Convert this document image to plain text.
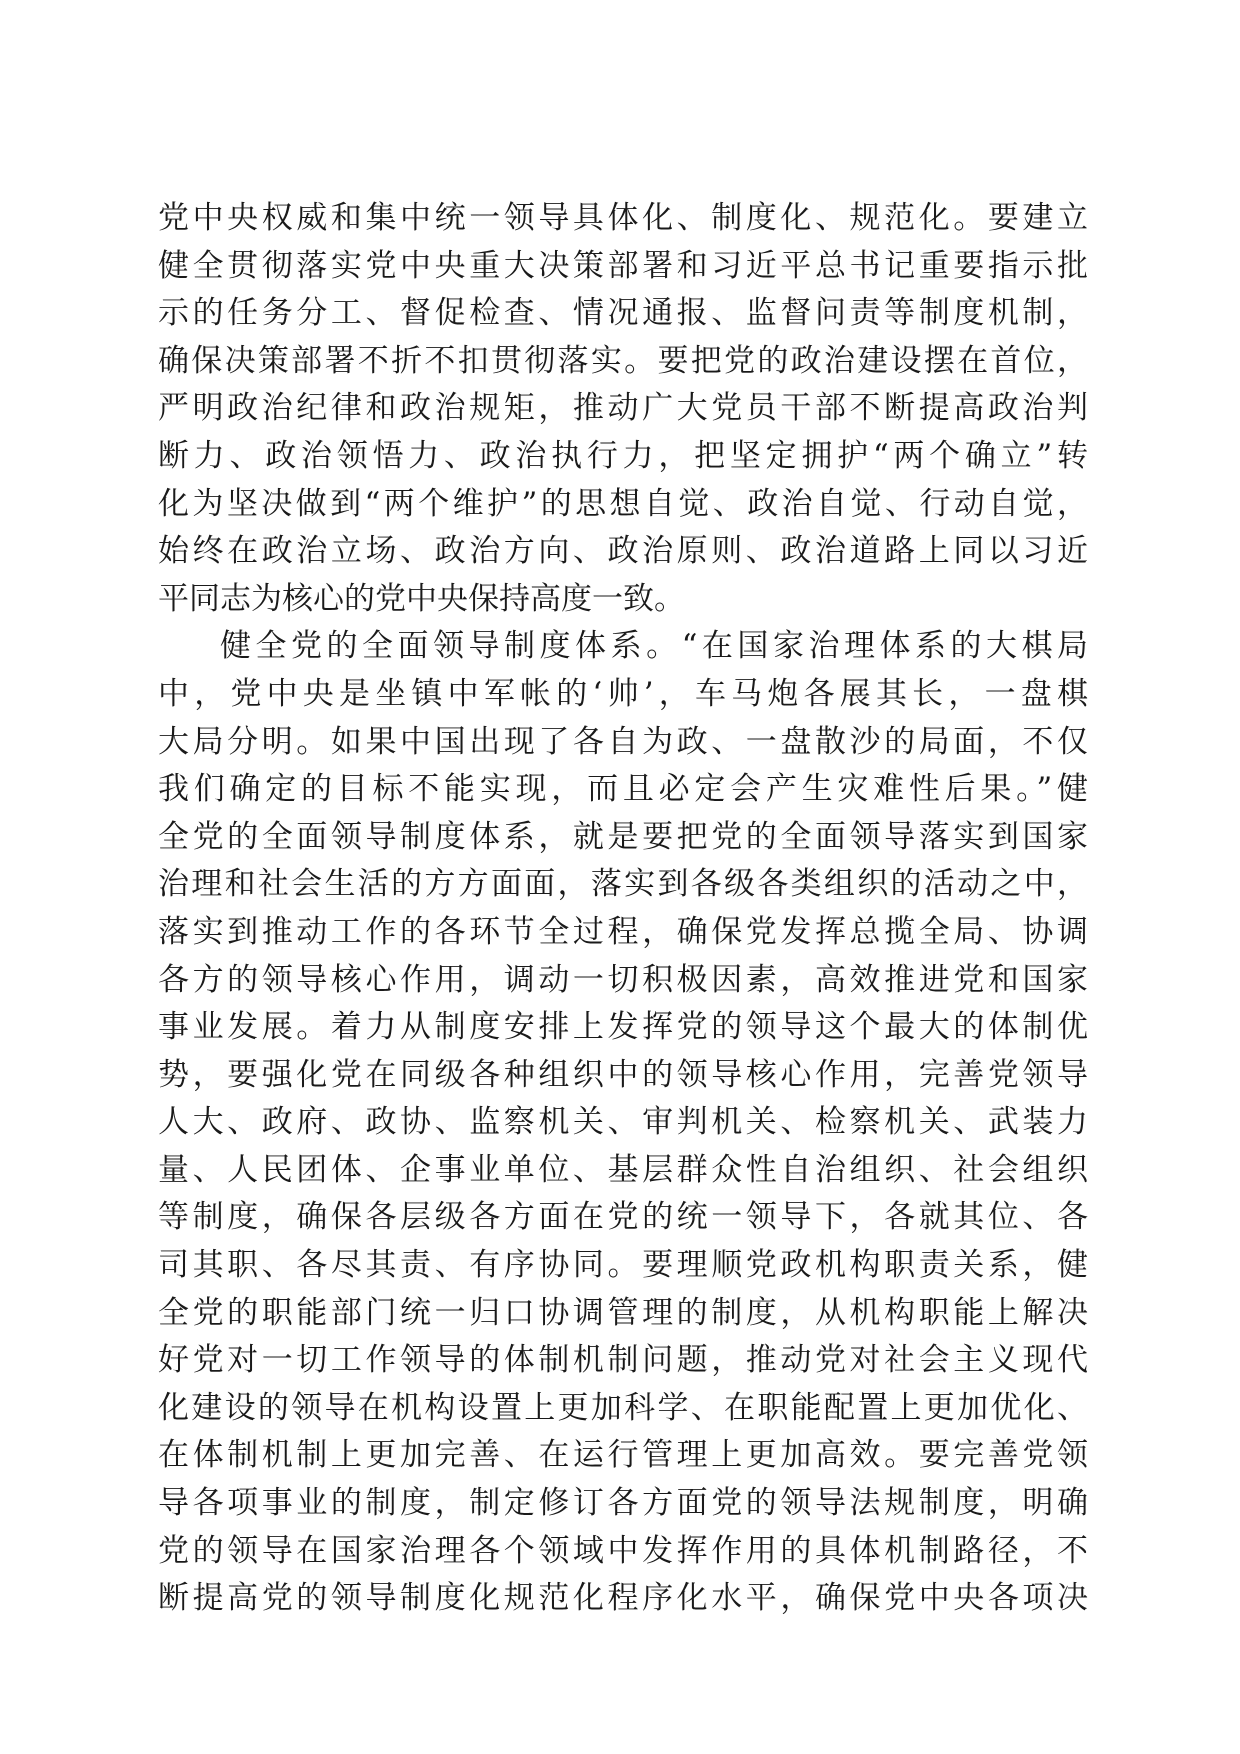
党中央权威和集中统一领导具体化、制度化、规范化。要建立
健全贯彻落实党中央重大决策部署和习近平总书记重要指示批
示的任务分工、督促检查、情况通报、监督问责等制度机制，
确保决策部署不折不扣贯彻落实。要把党的政治建设摆在首位，
严明政治纪律和政治规矩，推动广大党员干部不断提高政治判
断力、政治领悟力、政治执行力，把坚定拥护“两个确立”转
化为坚决做到“两个维护”的思想自觉、政治自觉、行动自觉，
始终在政治立场、政治方向、政治原则、政治道路上同以习近
平同志为核心的党中央保持高度一致。
健全党的全面领导制度体系。“在国家治理体系的大棋局
中，党中央是坐镇中军帐的‘帅’，车马炮各展其长，一盘棋
大局分明。如果中国出现了各自为政、一盘散沙的局面，不仅
我们确定的目标不能实现，而且必定会产生灾难性后果。”健
全党的全面领导制度体系，就是要把党的全面领导落实到国家
治理和社会生活的方方面面，落实到各级各类组织的活动之中，
落实到推动工作的各环节全过程，确保党发挥总揽全局、协调
各方的领导核心作用，调动一切积极因素，高效推进党和国家
事业发展。着力从制度安排上发挥党的领导这个最大的体制优
势，要强化党在同级各种组织中的领导核心作用，完善党领导
人大、政府、政协、监察机关、审判机关、检察机关、武装力
量、人民团体、企事业单位、基层群众性自治组织、社会组织
等制度，确保各层级各方面在党的统一领导下，各就其位、各
司其职、各尽其责、有序协同。要理顺党政机构职责关系，健
全党的职能部门统一归口协调管理的制度，从机构职能上解决
好党对一切工作领导的体制机制问题，推动党对社会主义现代
化建设的领导在机构设置上更加科学、在职能配置上更加优化、
在体制机制上更加完善、在运行管理上更加高效。要完善党领
导各项事业的制度，制定修订各方面党的领导法规制度，明确
党的领导在国家治理各个领域中发挥作用的具体机制路径，不
断提高党的领导制度化规范化程序化水平，确保党中央各项决
